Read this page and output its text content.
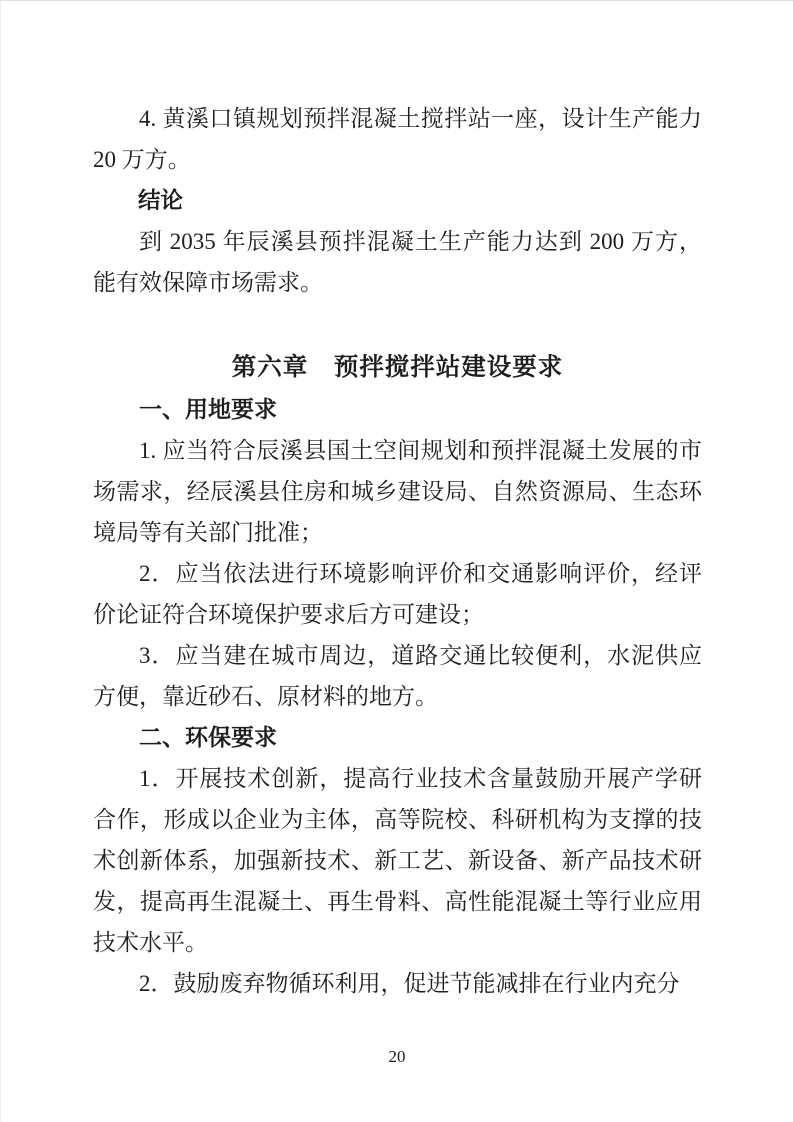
4. 黄溪口镇规划预拌混凝土搅拌站一座，设计生产能力 20 万方。

结论

到 2035 年辰溪县预拌混凝土生产能力达到 200 万方，能有效保障市场需求。

第六章　预拌搅拌站建设要求

一、用地要求

1. 应当符合辰溪县国土空间规划和预拌混凝土发展的市场需求，经辰溪县住房和城乡建设局、自然资源局、生态环境局等有关部门批准；

2．应当依法进行环境影响评价和交通影响评价，经评价论证符合环境保护要求后方可建设；

3．应当建在城市周边，道路交通比较便利，水泥供应方便，靠近砂石、原材料的地方。

二、环保要求

1．开展技术创新，提高行业技术含量鼓励开展产学研合作，形成以企业为主体，高等院校、科研机构为支撑的技术创新体系，加强新技术、新工艺、新设备、新产品技术研发，提高再生混凝土、再生骨料、高性能混凝土等行业应用技术水平。

2．鼓励废弃物循环利用，促进节能减排在行业内充分

20
